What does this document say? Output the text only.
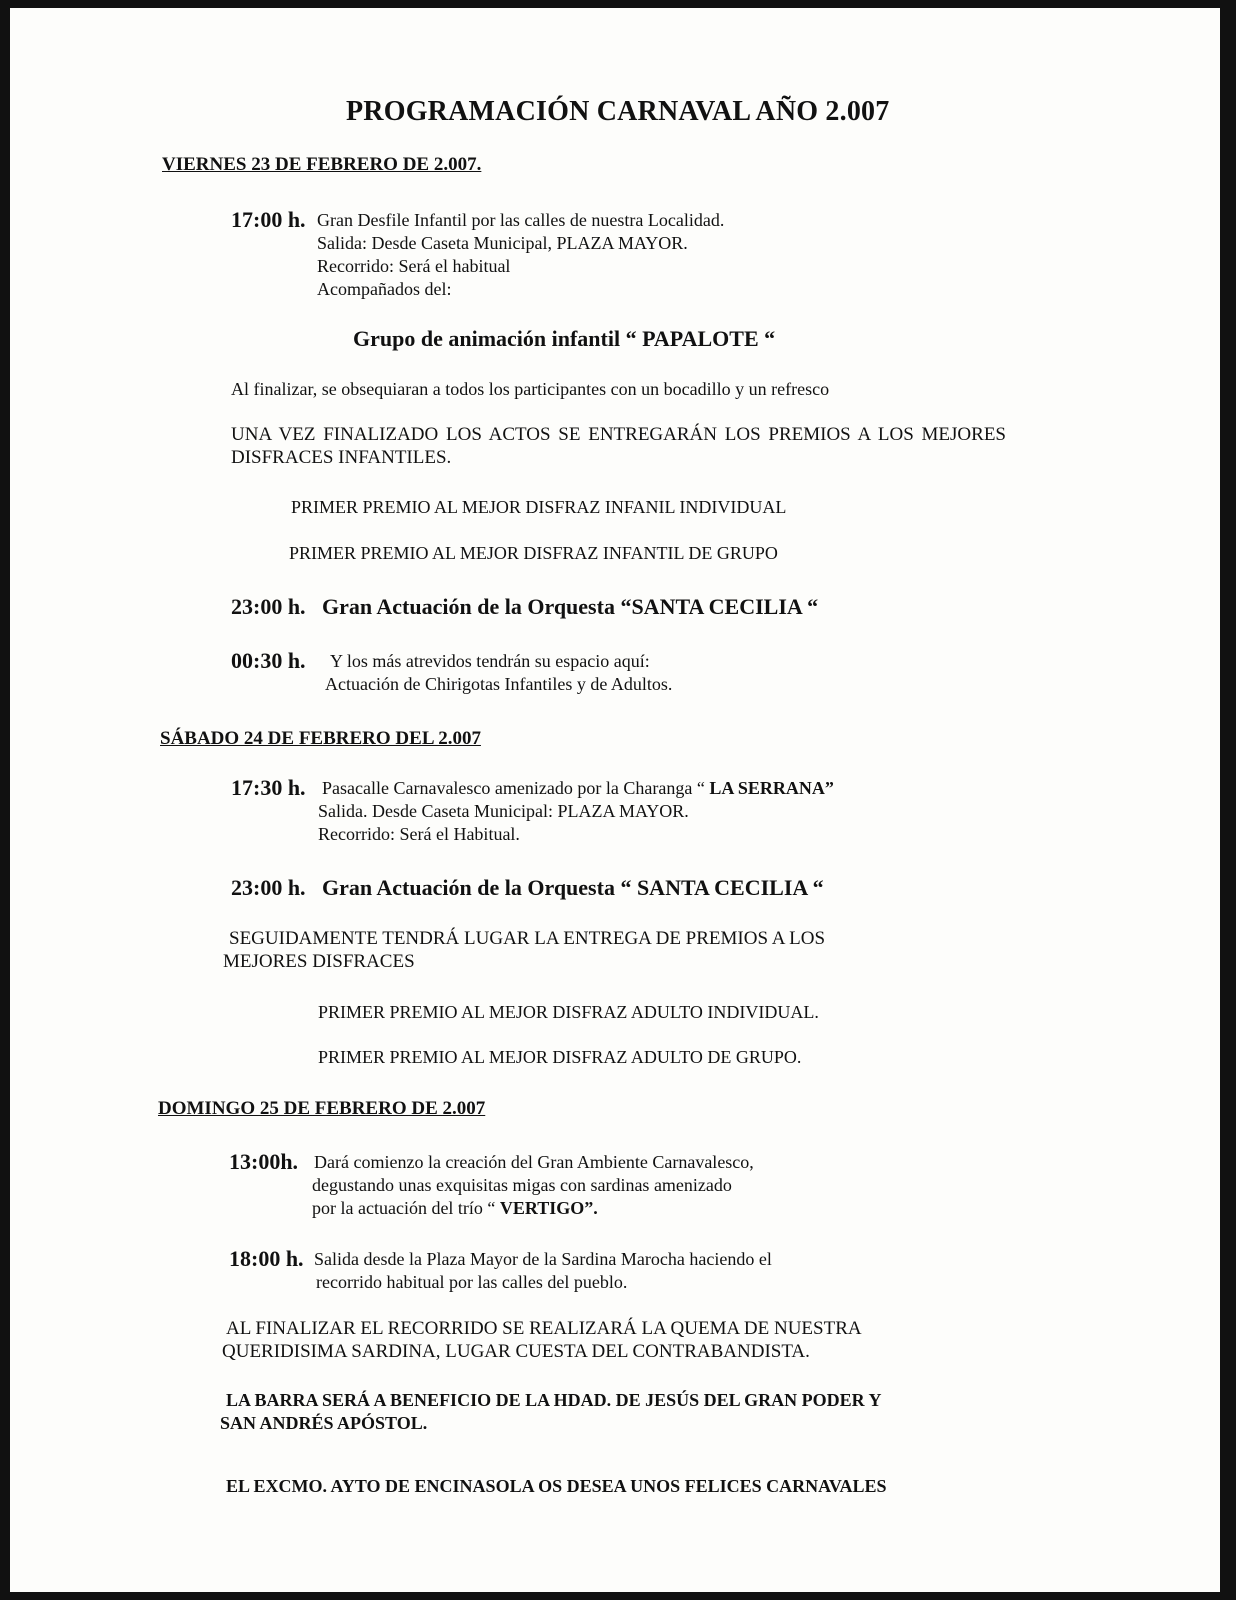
PROGRAMACIÓN CARNAVAL AÑO 2.007
VIERNES 23 DE FEBRERO DE 2.007.
17:00 h. Gran Desfile Infantil por las calles de nuestra Localidad.
Salida: Desde Caseta Municipal, PLAZA MAYOR.
Recorrido: Será el habitual
Acompañados del:
Grupo de animación infantil “ PAPALOTE “
Al finalizar, se obsequiaran a todos los participantes con un bocadillo y un refresco
UNA VEZ FINALIZADO LOS ACTOS SE ENTREGARÁN LOS PREMIOS A LOS MEJORES DISFRACES INFANTILES.
PRIMER PREMIO AL MEJOR DISFRAZ INFANIL INDIVIDUAL
PRIMER PREMIO AL MEJOR DISFRAZ INFANTIL DE GRUPO
23:00 h. Gran Actuación de la Orquesta “SANTA CECILIA “
00:30 h. Y los más atrevidos tendrán su espacio aquí:
Actuación de Chirigotas Infantiles y de Adultos.
SÁBADO 24 DE FEBRERO DEL 2.007
17:30 h. Pasacalle Carnavalesco amenizado por la Charanga “ LA SERRANA”
Salida. Desde Caseta Municipal: PLAZA MAYOR.
Recorrido: Será el Habitual.
23:00 h. Gran Actuación de la Orquesta “ SANTA CECILIA “
SEGUIDAMENTE TENDRÁ LUGAR LA ENTREGA DE PREMIOS A LOS
MEJORES DISFRACES
PRIMER PREMIO AL MEJOR DISFRAZ ADULTO INDIVIDUAL.
PRIMER PREMIO AL MEJOR DISFRAZ ADULTO DE GRUPO.
DOMINGO 25 DE FEBRERO DE 2.007
13:00h. Dará comienzo la creación del Gran Ambiente Carnavalesco,
degustando unas exquisitas migas con sardinas amenizado
por la actuación del trío “ VERTIGO”.
18:00 h. Salida desde la Plaza Mayor de la Sardina Marocha haciendo el
recorrido habitual por las calles del pueblo.
AL FINALIZAR EL RECORRIDO SE REALIZARÁ LA QUEMA DE NUESTRA
QUERIDISIMA SARDINA, LUGAR CUESTA DEL CONTRABANDISTA.
LA BARRA SERÁ A BENEFICIO DE LA HDAD. DE JESÚS DEL GRAN PODER Y
SAN ANDRÉS APÓSTOL.
EL EXCMO. AYTO DE ENCINASOLA OS DESEA UNOS FELICES CARNAVALES
